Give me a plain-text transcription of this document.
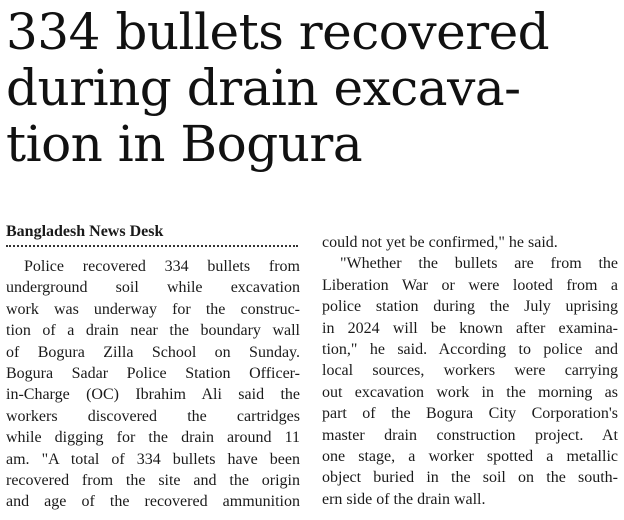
334 bullets recovered
during drain excava-
tion in Bogura
Bangladesh News Desk
Police recovered 334 bullets from
underground soil while excavation
work was underway for the construc-
tion of a drain near the boundary wall
of Bogura Zilla School on Sunday.
Bogura Sadar Police Station Officer-
in-Charge (OC) Ibrahim Ali said the
workers discovered the cartridges
while digging for the drain around 11
am. "A total of 334 bullets have been
recovered from the site and the origin
and age of the recovered ammunition
could not yet be confirmed," he said.
"Whether the bullets are from the
Liberation War or were looted from a
police station during the July uprising
in 2024 will be known after examina-
tion," he said. According to police and
local sources, workers were carrying
out excavation work in the morning as
part of the Bogura City Corporation's
master drain construction project. At
one stage, a worker spotted a metallic
object buried in the soil on the south-
ern side of the drain wall.
